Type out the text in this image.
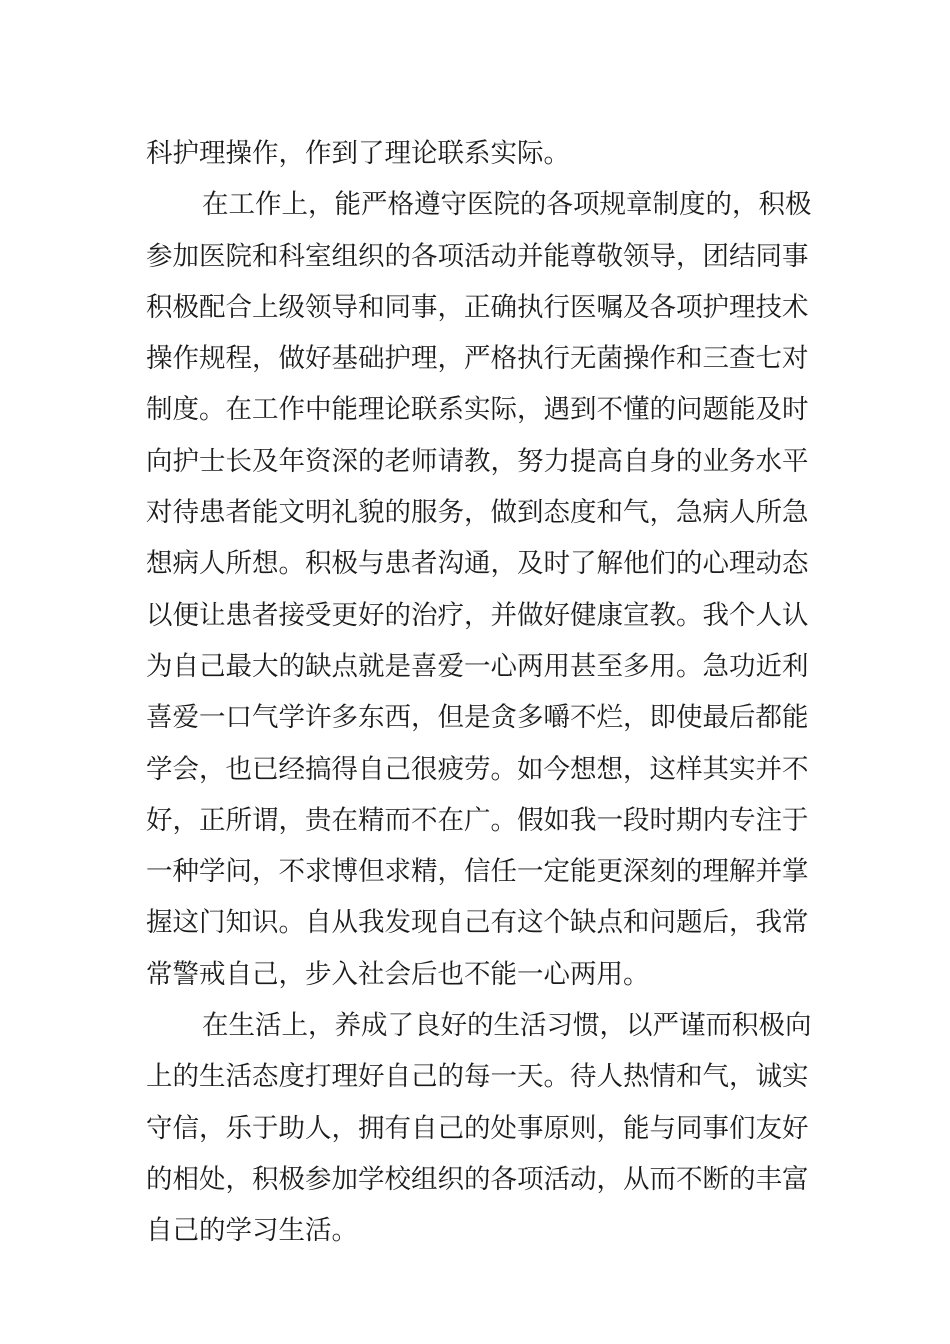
科护理操作，作到了理论联系实际。
在工作上，能严格遵守医院的各项规章制度的，积极
参加医院和科室组织的各项活动并能尊敬领导，团结同事
积极配合上级领导和同事，正确执行医嘱及各项护理技术
操作规程，做好基础护理，严格执行无菌操作和三查七对
制度。在工作中能理论联系实际，遇到不懂的问题能及时
向护士长及年资深的老师请教，努力提高自身的业务水平
对待患者能文明礼貌的服务，做到态度和气，急病人所急
想病人所想。积极与患者沟通，及时了解他们的心理动态
以便让患者接受更好的治疗，并做好健康宣教。我个人认
为自己最大的缺点就是喜爱一心两用甚至多用。急功近利
喜爱一口气学许多东西，但是贪多嚼不烂，即使最后都能
学会，也已经搞得自己很疲劳。如今想想，这样其实并不
好，正所谓，贵在精而不在广。假如我一段时期内专注于
一种学问，不求博但求精，信任一定能更深刻的理解并掌
握这门知识。自从我发现自己有这个缺点和问题后，我常
常警戒自己，步入社会后也不能一心两用。
在生活上，养成了良好的生活习惯，以严谨而积极向
上的生活态度打理好自己的每一天。待人热情和气，诚实
守信，乐于助人，拥有自己的处事原则，能与同事们友好
的相处，积极参加学校组织的各项活动，从而不断的丰富
自己的学习生活。
